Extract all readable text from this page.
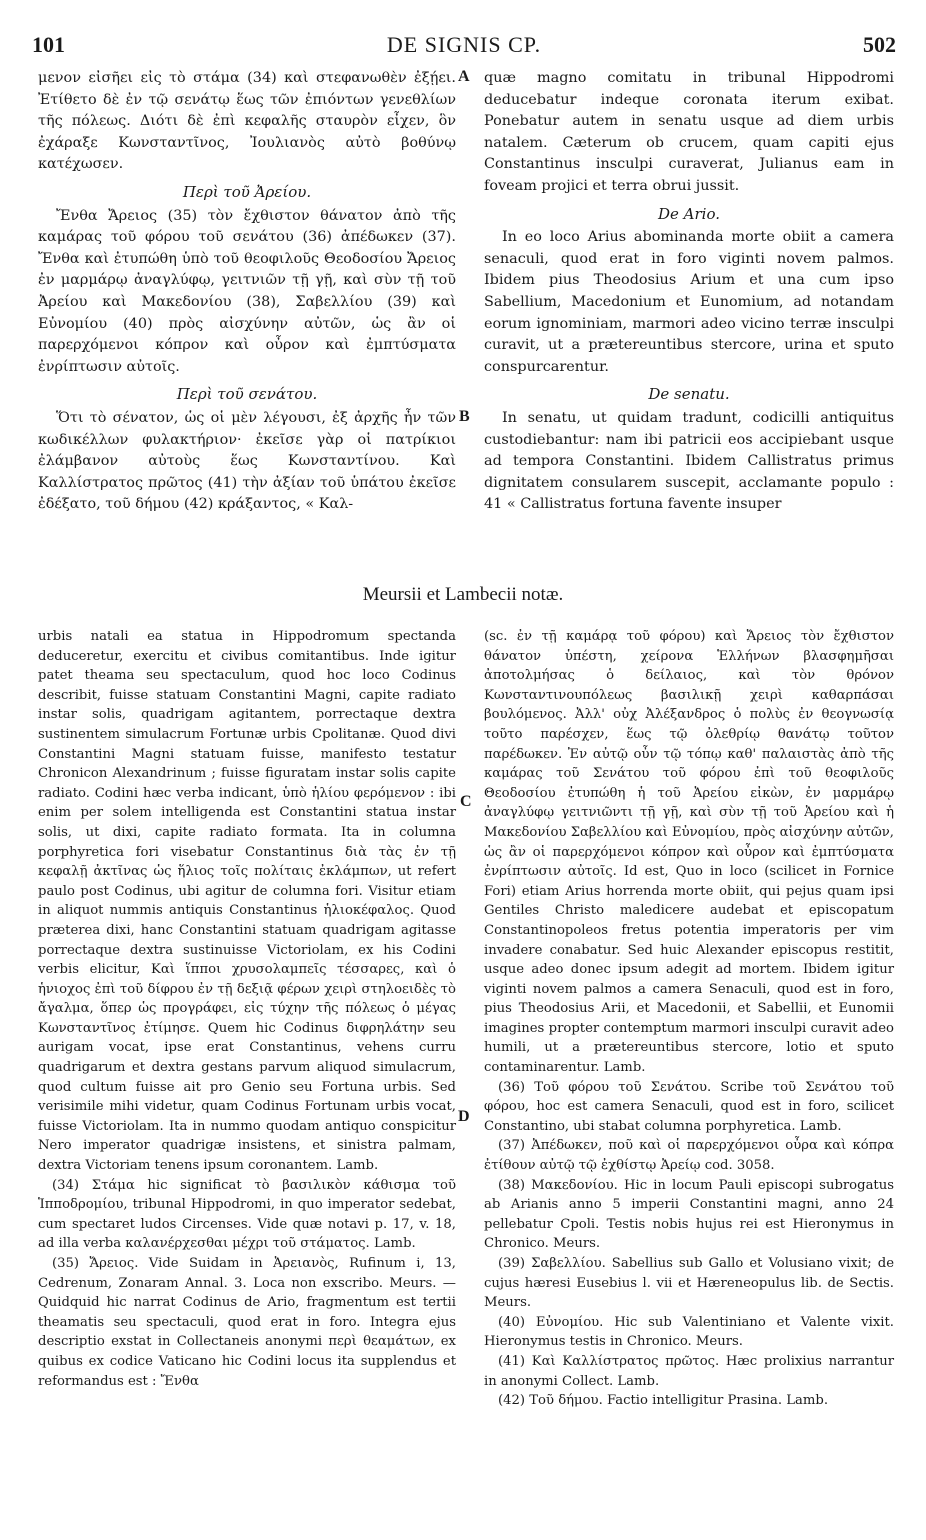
101	DE SIGNIS CP.	502
A
B
C
D

μενον εἰσῆει εἰς τὸ στάμα (34) καὶ στεφανωθὲν ἐξῄει. Ἐτίθετο δὲ ἐν τῷ σενάτῳ ἕως τῶν ἐπιόντων γενεθλίων τῆς πόλεως. Διότι δὲ ἐπὶ κεφαλῆς σταυρὸν εἶχεν, ὃν ἐχάραξε Κωνσταντῖνος, Ἰουλιανὸς αὐτὸ βοθύνῳ κατέχωσεν.

Περὶ τοῦ Ἀρείου.

Ἔνθα Ἄρειος (35) τὸν ἔχθιστον θάνατον ἀπὸ τῆς καμάρας τοῦ φόρου τοῦ σενάτου (36) ἀπέδωκεν (37). Ἔνθα καὶ ἐτυπώθη ὑπὸ τοῦ θεοφιλοῦς Θεοδοσίου Ἄρειος ἐν μαρμάρῳ ἀναγλύφῳ, γειτνιῶν τῇ γῇ, καὶ σὺν τῇ τοῦ Ἀρείου καὶ Μακεδονίου (38), Σαβελλίου (39) καὶ Εὐνομίου (40) πρὸς αἰσχύνην αὐτῶν, ὡς ἂν οἱ παρερχόμενοι κόπρον καὶ οὖρον καὶ ἐμπτύσματα ἐνρίπτωσιν αὐτοῖς.

Περὶ τοῦ σενάτου.

Ὅτι τὸ σένατον, ὡς οἱ μὲν λέγουσι, ἐξ ἀρχῆς ἦν τῶν κωδικέλλων φυλακτήριον· ἐκεῖσε γὰρ οἱ πατρίκιοι ἐλάμβανον αὐτοὺς ἕως Κωνσταντίνου. Καὶ Καλλίστρατος πρῶτος (41) τὴν ἀξίαν τοῦ ὑπάτου ἐκεῖσε ἐδέξατο, τοῦ δήμου (42) κράξαντος, « Καλ-

quæ magno comitatu in tribunal Hippodromi deducebatur indeque coronata iterum exibat. Ponebatur autem in senatu usque ad diem urbis natalem. Cæterum ob crucem, quam capiti ejus Constantinus insculpi curaverat, Julianus eam in foveam projici et terra obrui jussit.

De Ario.

In eo loco Arius abominanda morte obiit a camera senaculi, quod erat in foro viginti novem palmos. Ibidem pius Theodosius Arium et una cum ipso Sabellium, Macedonium et Eunomium, ad notandam eorum ignominiam, marmori adeo vicino terræ insculpi curavit, ut a prætereuntibus stercore, urina et sputo conspurcarentur.

De senatu.

In senatu, ut quidam tradunt, codicilli antiquitus custodiebantur: nam ibi patricii eos accipiebant usque ad tempora Constantini. Ibidem Callistratus primus dignitatem consularem suscepit, acclamante populo : 41 « Callistratus fortuna favente insuper

Meursii et Lambecii notæ.

urbis natali ea statua in Hippodromum spectanda deduceretur, exercitu et civibus comitantibus. Inde igitur patet theama seu spectaculum, quod hoc loco Codinus describit, fuisse statuam Constantini Magni, capite radiato instar solis, quadrigam agitantem, porrectaque dextra sustinentem simulacrum Fortunæ urbis Cpolitanæ. Quod divi Constantini Magni statuam fuisse, manifesto testatur Chronicon Alexandrinum ; fuisse figuratam instar solis capite radiato. Codini hæc verba indicant, ὑπὸ ἡλίου φερόμενον : ibi enim per solem intelligenda est Constantini statua instar solis, ut dixi, capite radiato formata. Ita in columna porphyretica fori visebatur Constantinus διὰ τὰς ἐν τῇ κεφαλῇ ἀκτῖνας ὡς ἥλιος τοῖς πολίταις ἐκλάμπων, ut refert paulo post Codinus, ubi agitur de columna fori. Visitur etiam in aliquot nummis antiquis Constantinus ἡλιοκέφαλος. Quod præterea dixi, hanc Constantini statuam quadrigam agitasse porrectaque dextra sustinuisse Victoriolam, ex his Codini verbis elicitur, Καὶ ἵπποι χρυσολαμπεῖς τέσσαρες, καὶ ὁ ἡνιοχος ἐπὶ τοῦ δίφρου ἐν τῇ δεξιᾷ φέρων χειρὶ στηλοειδὲς τὸ ἄγαλμα, ὅπερ ὡς προγράφει, εἰς τύχην τῆς πόλεως ὁ μέγας Κωνσταντῖνος ἐτίμησε. Quem hic Codinus διφρηλάτην seu aurigam vocat, ipse erat Constantinus, vehens curru quadrigarum et dextra gestans parvum aliquod simulacrum, quod cultum fuisse ait pro Genio seu Fortuna urbis. Sed verisimile mihi videtur, quam Codinus Fortunam urbis vocat, fuisse Victoriolam. Ita in nummo quodam antiquo conspicitur Nero imperator quadrigæ insistens, et sinistra palmam, dextra Victoriam tenens ipsum coronantem. Lamb.

(34) Στάμα hic significat τὸ βασιλικὸν κάθισμα τοῦ Ἱπποδρομίου, tribunal Hippodromi, in quo imperator sedebat, cum spectaret ludos Circenses. Vide quæ notavi p. 17, v. 18, ad illa verba καλανέρχεσθαι μέχρι τοῦ στάματος. Lamb.

(35) Ἄρειος. Vide Suidam in Ἀρειανὸς, Rufinum i, 13, Cedrenum, Zonaram Annal. 3. Loca non exscribo. Meurs. — Quidquid hic narrat Codinus de Ario, fragmentum est tertii theamatis seu spectaculi, quod erat in foro. Integra ejus descriptio exstat in Collectaneis anonymi περὶ θεαμάτων, ex quibus ex codice Vaticano hic Codini locus ita supplendus et reformandus est : Ἔνθα

(sc. ἐν τῇ καμάρᾳ τοῦ φόρου) καὶ Ἄρειος τὸν ἔχθιστον θάνατον ὑπέστη, χείρονα Ἑλλήνων βλασφημῆσαι ἀποτολμήσας ὁ δείλαιος, καὶ τὸν θρόνον Κωνσταντινουπόλεως βασιλικῇ χειρὶ καθαρπάσαι βουλόμενος. Ἀλλ' οὐχ Ἀλέξανδρος ὁ πολὺς ἐν θεογνωσίᾳ τοῦτο παρέσχεν, ἕως τῷ ὀλεθρίῳ θανάτῳ τοῦτον παρέδωκεν. Ἐν αὐτῷ οὖν τῷ τόπῳ καθ' παλαιστὰς ἀπὸ τῆς καμάρας τοῦ Σενάτου τοῦ φόρου ἐπὶ τοῦ θεοφιλοῦς Θεοδοσίου ἐτυπώθη ἡ τοῦ Ἀρείου εἰκὼν, ἐν μαρμάρῳ ἀναγλύφῳ γειτνιῶντι τῇ γῇ, καὶ σὺν τῇ τοῦ Ἀρείου καὶ ἡ Μακεδονίου Σαβελλίου καὶ Εὐνομίου, πρὸς αἰσχύνην αὐτῶν, ὡς ἂν οἱ παρερχόμενοι κόπρον καὶ οὖρον καὶ ἐμπτύσματα ἐνρίπτωσιν αὐτοῖς. Id est, Quo in loco (scilicet in Fornice Fori) etiam Arius horrenda morte obiit, qui pejus quam ipsi Gentiles Christo maledicere audebat et episcopatum Constantinopoleos fretus potentia imperatoris per vim invadere conabatur. Sed huic Alexander episcopus restitit, usque adeo donec ipsum adegit ad mortem. Ibidem igitur viginti novem palmos a camera Senaculi, quod est in foro, pius Theodosius Arii, et Macedonii, et Sabellii, et Eunomii imagines propter contemptum marmori insculpi curavit adeo humili, ut a prætereuntibus stercore, lotio et sputo contaminarentur. Lamb.

(36) Τοῦ φόρου τοῦ Σενάτου. Scribe τοῦ Σενάτου τοῦ φόρου, hoc est camera Senaculi, quod est in foro, scilicet Constantino, ubi stabat columna porphyretica. Lamb.

(37) Ἀπέδωκεν, ποῦ καὶ οἱ παρερχόμενοι οὖρα καὶ κόπρα ἐτίθουν αὐτῷ τῷ ἐχθίστῳ Ἀρείῳ cod. 3058.

(38) Μακεδονίου. Hic in locum Pauli episcopi subrogatus ab Arianis anno 5 imperii Constantini magni, anno 24 pellebatur Cpoli. Testis nobis hujus rei est Hieronymus in Chronico. Meurs.

(39) Σαβελλίου. Sabellius sub Gallo et Volusiano vixit; de cujus hæresi Eusebius l. vii et Hæreneopulus lib. de Sectis. Meurs.

(40) Εὐνομίου. Hic sub Valentiniano et Valente vixit. Hieronymus testis in Chronico. Meurs.

(41) Καὶ Καλλίστρατος πρῶτος. Hæc prolixius narrantur in anonymi Collect. Lamb.

(42) Τοῦ δήμου. Factio intelligitur Prasina. Lamb.
